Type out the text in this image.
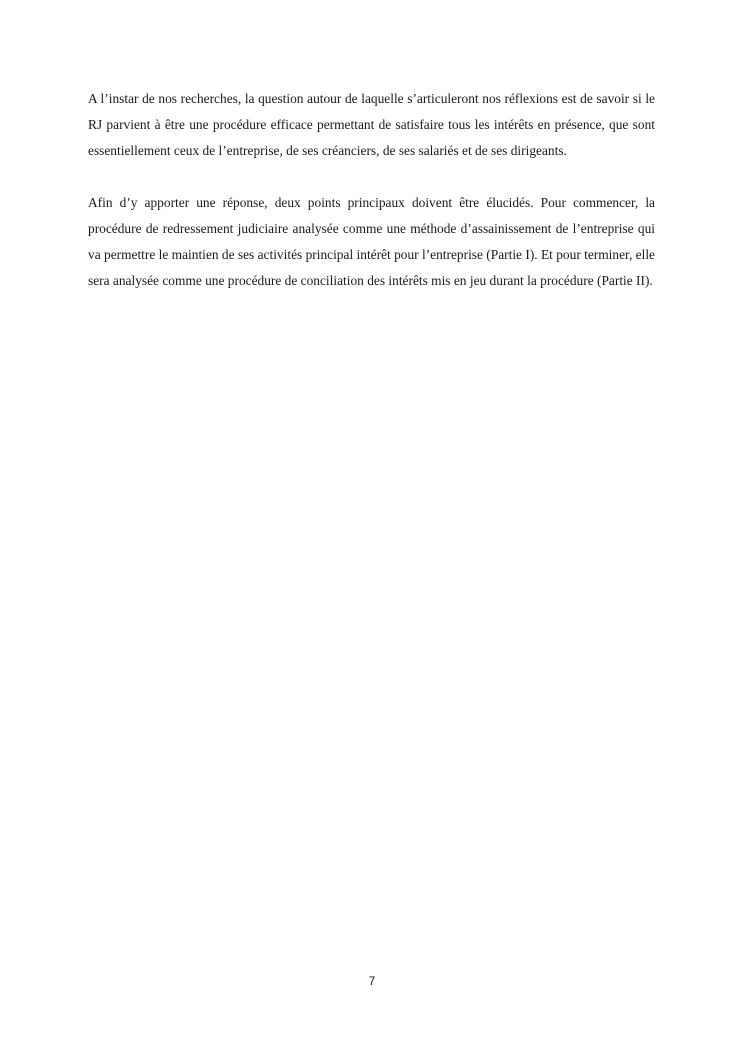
A l’instar de nos recherches, la question autour de laquelle s’articuleront nos réflexions est de savoir si le RJ parvient à être une procédure efficace permettant de satisfaire tous les intérêts en présence, que sont essentiellement ceux de l’entreprise, de ses créanciers, de ses salariés et de ses dirigeants.

Afin d’y apporter une réponse, deux points principaux doivent être élucidés. Pour commencer, la procédure de redressement judiciaire analysée comme une méthode d’assainissement de l’entreprise qui va permettre le maintien de ses activités principal intérêt pour l’entreprise (Partie I). Et pour terminer, elle sera analysée comme une procédure de conciliation des intérêts mis en jeu durant la procédure (Partie II).

7
